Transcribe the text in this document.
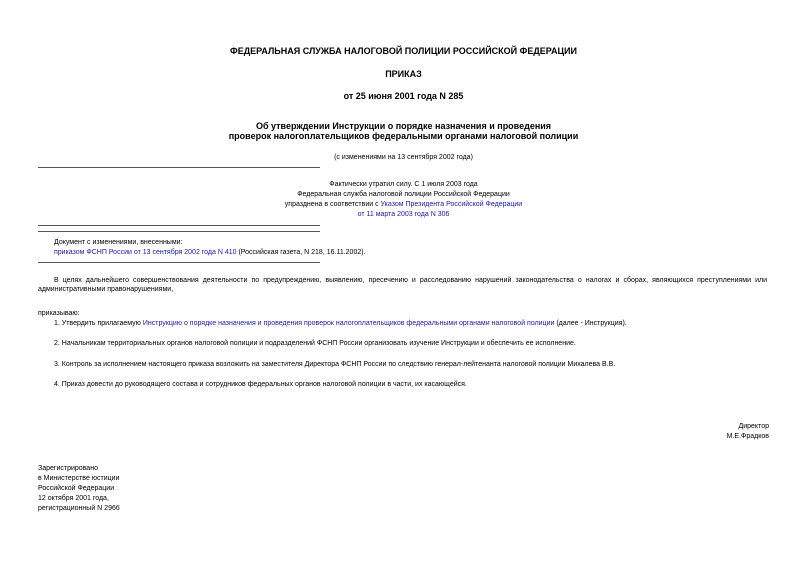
ФЕДЕРАЛЬНАЯ СЛУЖБА НАЛОГОВОЙ ПОЛИЦИИ РОССИЙСКОЙ ФЕДЕРАЦИИ
ПРИКАЗ
от 25 июня 2001 года N 285
Об утверждении Инструкции о порядке назначения и проведения
проверок налогоплательщиков федеральными органами налоговой полиции
(с изменениями на 13 сентября 2002 года)
Фактически утратил силу. С 1 июля 2003 года
Федеральная служба налоговой полиции Российской Федерации
упразднена в соответствии с Указом Президента Российской Федерации
от 11 марта 2003 года N 306
Документ с изменениями, внесенными:
приказом ФСНП России от 13 сентября 2002 года N 410 (Российская газета, N 218, 16.11.2002).
В целях дальнейшего совершенствования деятельности по предупреждению, выявлению, пресечению и расследованию нарушений законодательства о налогах и сборах, являющихся преступлениями или административными правонарушениями,
приказываю:
1. Утвердить прилагаемую Инструкцию о порядке назначения и проведения проверок налогоплательщиков федеральными органами налоговой полиции (далее - Инструкция).
2. Начальникам территориальных органов налоговой полиции и подразделений ФСНП России организовать изучение Инструкции и обеспечить ее исполнение.
3. Контроль за исполнением настоящего приказа возложить на заместителя Директора ФСНП России по следствию генерал-лейтенанта налоговой полиции Михалева В.В.
4. Приказ довести до руководящего состава и сотрудников федеральных органов налоговой полиции в части, их касающейся.
Директор
М.Е.Фрадков
Зарегистрировано
в Министерстве юстиции
Российской Федерации
12 октября 2001 года,
регистрационный N 2966
